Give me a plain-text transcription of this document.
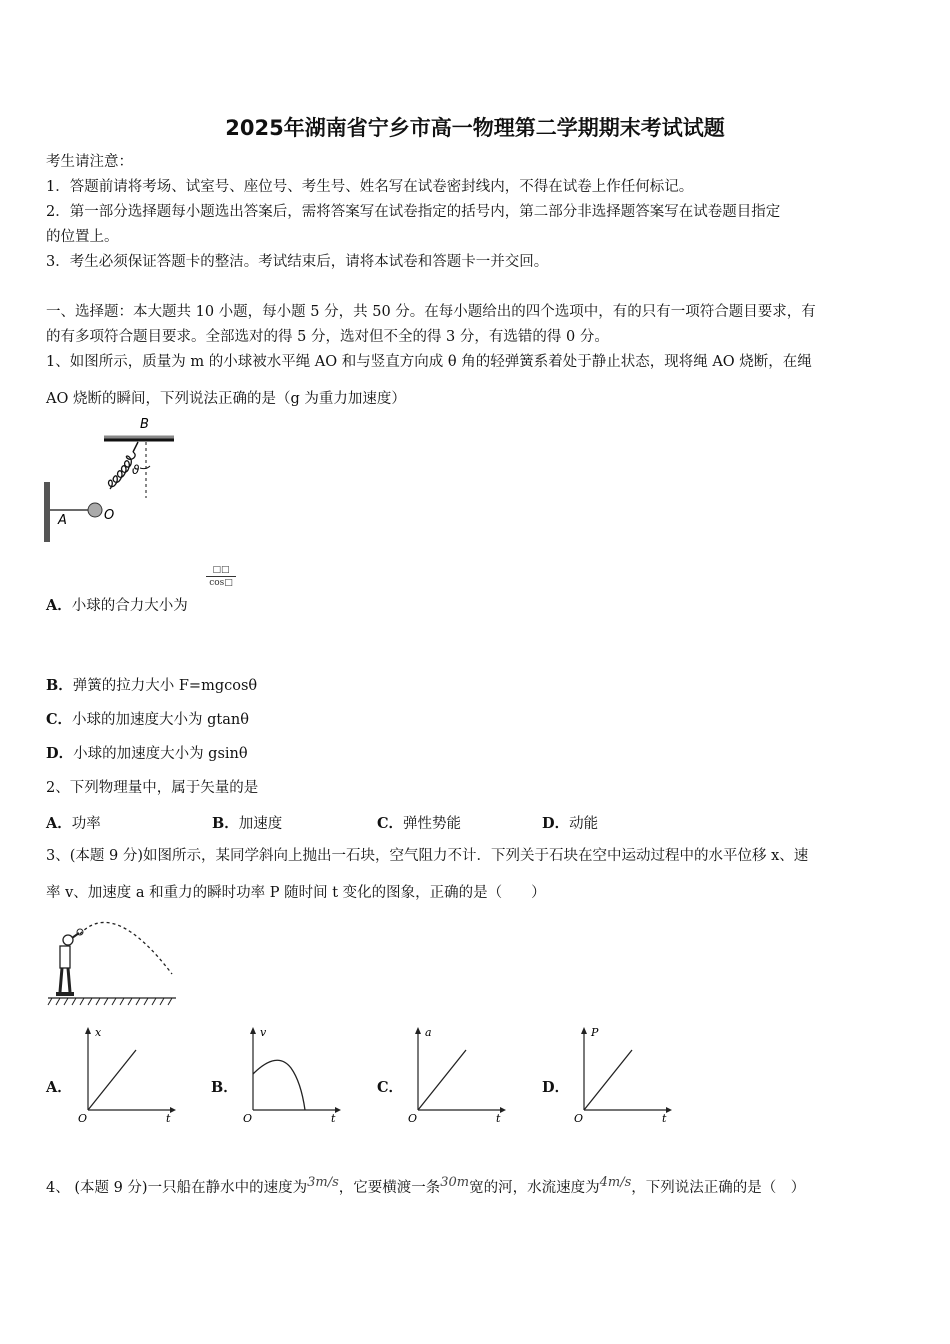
2025年湖南省宁乡市高一物理第二学期期末考试试题
考生请注意：
1．答题前请将考场、试室号、座位号、考生号、姓名写在试卷密封线内，不得在试卷上作任何标记。
2．第一部分选择题每小题选出答案后，需将答案写在试卷指定的括号内，第二部分非选择题答案写在试卷题目指定
的位置上。
3．考生必须保证答题卡的整洁。考试结束后，请将本试卷和答题卡一并交回。
一、选择题：本大题共 10 小题，每小题 5 分，共 50 分。在每小题给出的四个选项中，有的只有一项符合题目要求，有
的有多项符合题目要求。全部选对的得 5 分，选对但不全的得 3 分，有选错的得 0 分。
1、如图所示，质量为 m 的小球被水平绳 AO 和与竖直方向成 θ 角的轻弹簧系着处于静止状态，现将绳 AO 烧断，在绳
AO 烧断的瞬间，下列说法正确的是（g 为重力加速度）
B
ϑ
A	O
A．小球的合力大小为
□□
cos□
B．弹簧的拉力大小 F=mgcosθ
C．小球的加速度大小为 gtanθ
D．小球的加速度大小为 gsinθ
2、下列物理量中，属于矢量的是
A．功率	B．加速度	C．弹性势能	D．动能
3、(本题 9 分)如图所示，某同学斜向上抛出一石块，空气阻力不计．下列关于石块在空中运动过程中的水平位移 x、速
率 v、加速度 a 和重力的瞬时功率 P 随时间 t 变化的图象，正确的是（　　）
A．
x
t
O
B．
v
t
O
C．
a
t
O
D．
P
t
O
4、 (本题 9 分)一只船在静水中的速度为$^{3m/s}$，它要横渡一条$^{30m}$宽的河，水流速度为$^{4m/s}$，下列说法正确的是（　）
